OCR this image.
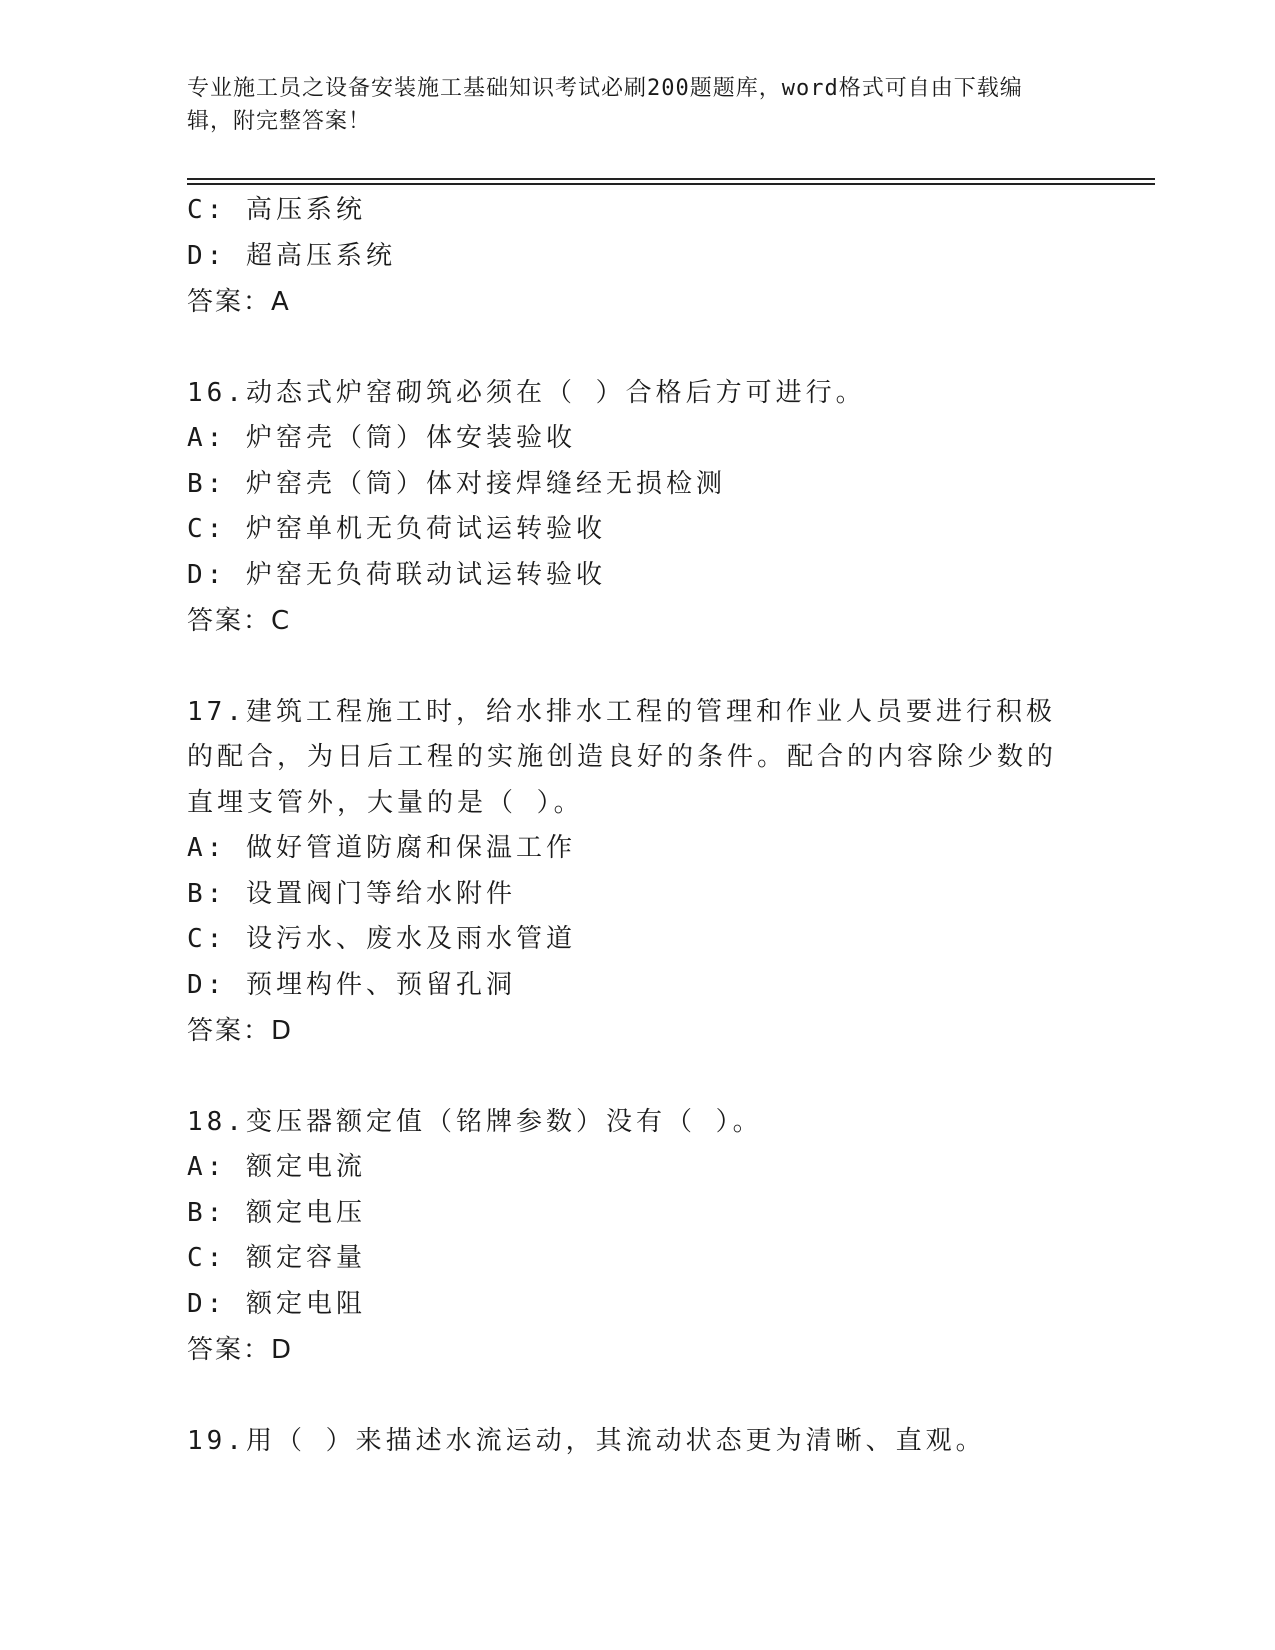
专业施工员之设备安装施工基础知识考试必刷200题题库，word格式可自由下载编辑，附完整答案！
C: 高压系统
D: 超高压系统
答案：A
16.动态式炉窑砌筑必须在（ ）合格后方可进行。
A: 炉窑壳（筒）体安装验收
B: 炉窑壳（筒）体对接焊缝经无损检测
C: 炉窑单机无负荷试运转验收
D: 炉窑无负荷联动试运转验收
答案：C
17.建筑工程施工时，给水排水工程的管理和作业人员要进行积极的配合，为日后工程的实施创造良好的条件。配合的内容除少数的直埋支管外，大量的是（ ）。
A: 做好管道防腐和保温工作
B: 设置阀门等给水附件
C: 设污水、废水及雨水管道
D: 预埋构件、预留孔洞
答案：D
18.变压器额定值（铭牌参数）没有（ ）。
A: 额定电流
B: 额定电压
C: 额定容量
D: 额定电阻
答案：D
19.用（ ）来描述水流运动，其流动状态更为清晰、直观。
